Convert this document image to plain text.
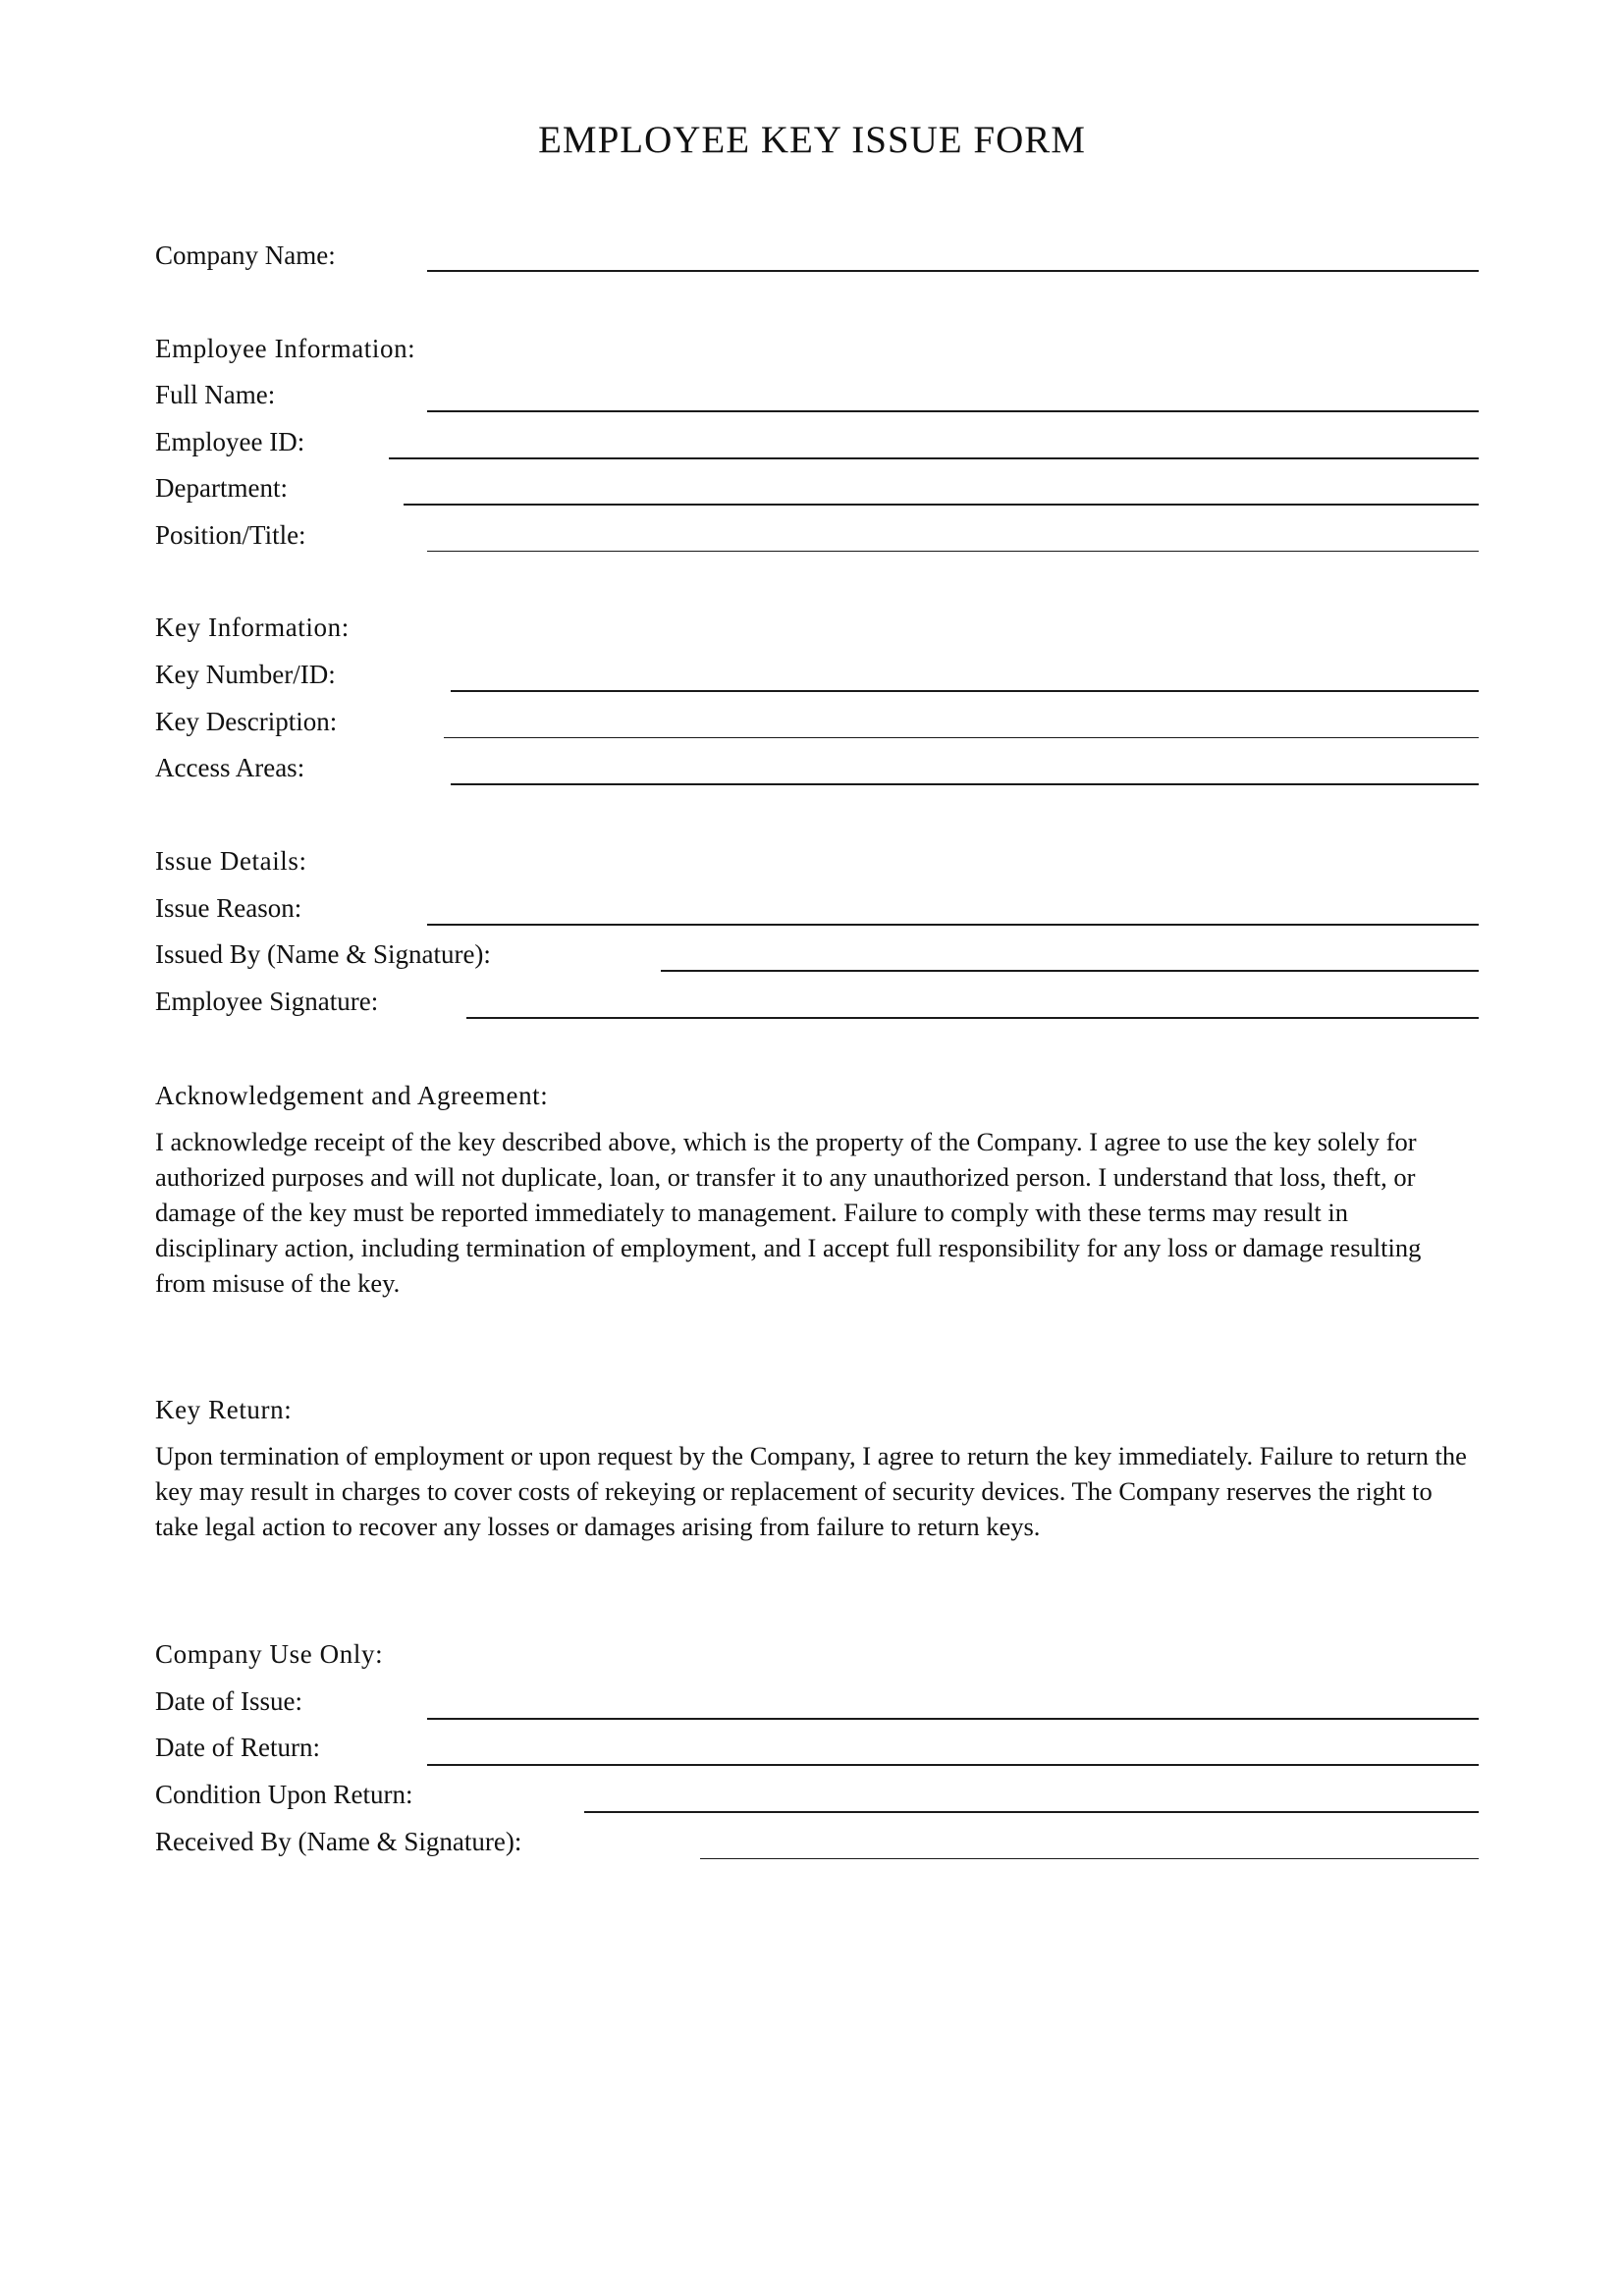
EMPLOYEE KEY ISSUE FORM
Company Name:
Employee Information:
Full Name:
Employee ID:
Department:
Position/Title:
Key Information:
Key Number/ID:
Key Description:
Access Areas:
Issue Details:
Issue Reason:
Issued By (Name & Signature):
Employee Signature:
Acknowledgement and Agreement:
I acknowledge receipt of the key described above, which is the property of the Company. I agree to use the key solely for authorized purposes and will not duplicate, loan, or transfer it to any unauthorized person. I understand that loss, theft, or damage of the key must be reported immediately to management. Failure to comply with these terms may result in disciplinary action, including termination of employment, and I accept full responsibility for any loss or damage resulting from misuse of the key.
Key Return:
Upon termination of employment or upon request by the Company, I agree to return the key immediately. Failure to return the key may result in charges to cover costs of rekeying or replacement of security devices. The Company reserves the right to take legal action to recover any losses or damages arising from failure to return keys.
Company Use Only:
Date of Issue:
Date of Return:
Condition Upon Return:
Received By (Name & Signature):
